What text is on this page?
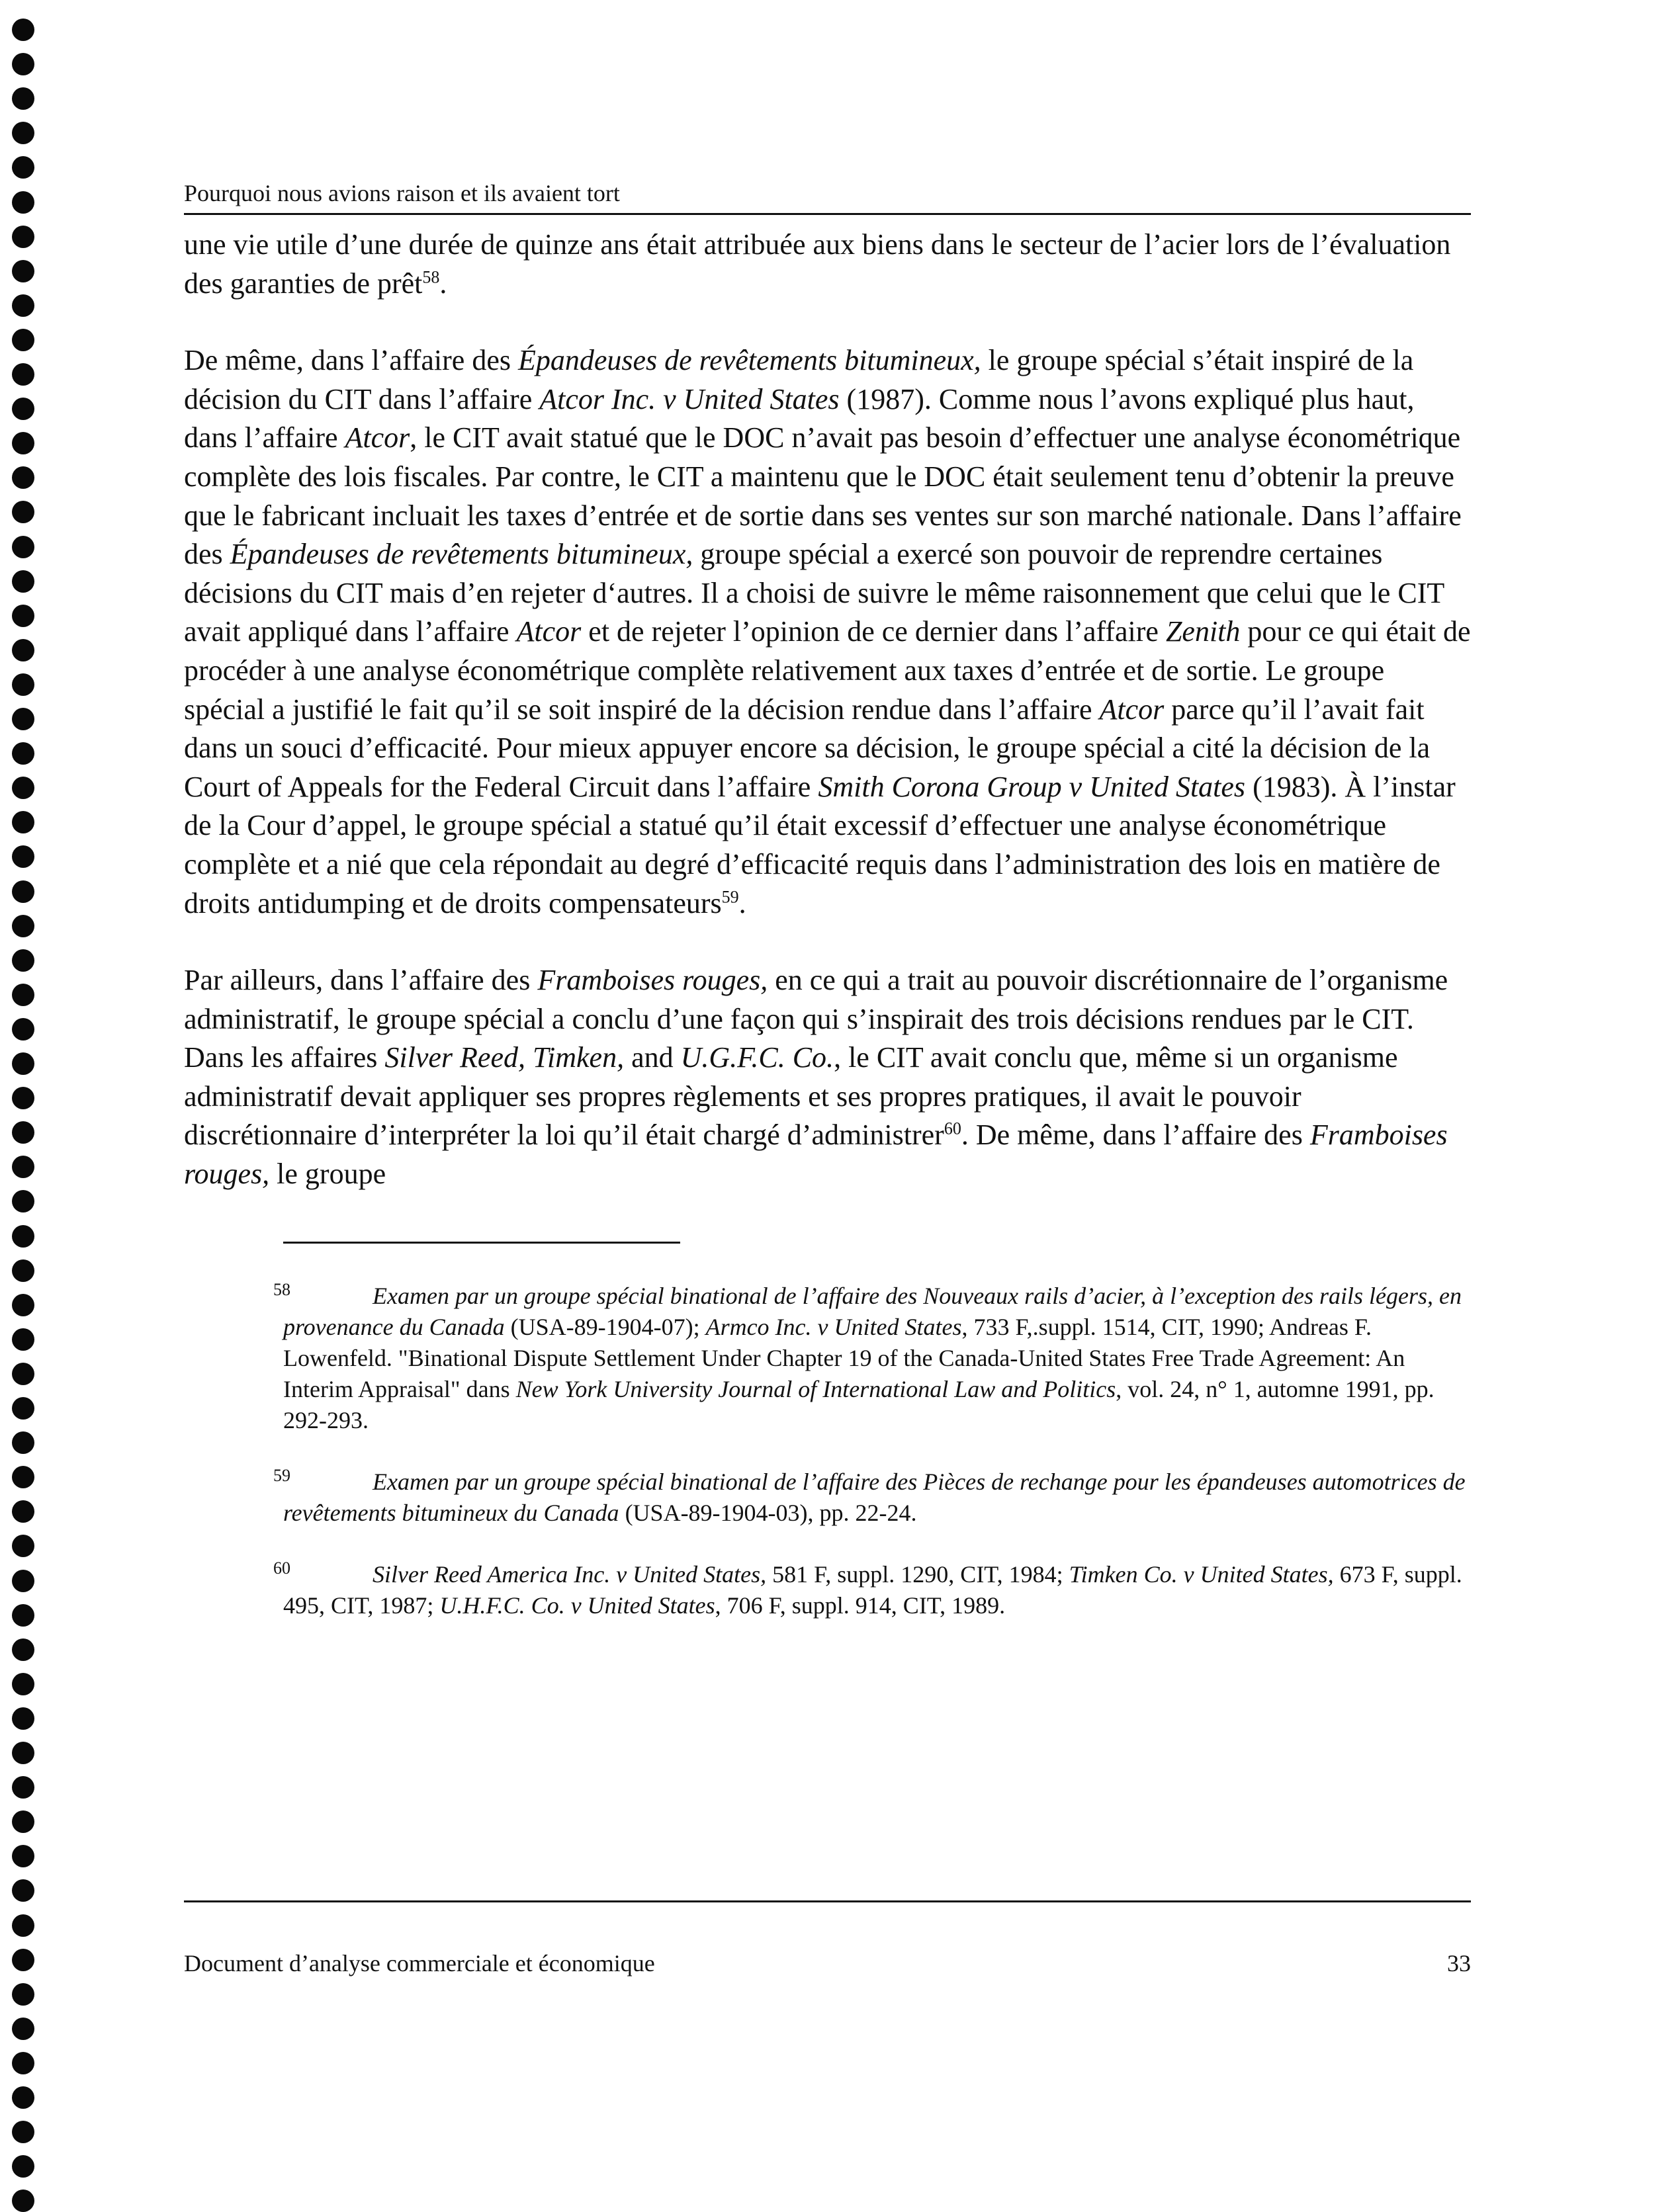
Pourquoi nous avions raison et ils avaient tort

une vie utile d’une durée de quinze ans était attribuée aux biens dans le secteur de l’acier lors de l’évaluation des garanties de prêt$^{58}$.

De même, dans l’affaire des Épandeuses de revêtements bitumineux, le groupe spécial s’était inspiré de la décision du CIT dans l’affaire Atcor Inc. v United States (1987). Comme nous l’avons expliqué plus haut, dans l’affaire Atcor, le CIT avait statué que le DOC n’avait pas besoin d’effectuer une analyse économétrique complète des lois fiscales. Par contre, le CIT a maintenu que le DOC était seulement tenu d’obtenir la preuve que le fabricant incluait les taxes d’entrée et de sortie dans ses ventes sur son marché nationale. Dans l’affaire des Épandeuses de revêtements bitumineux, groupe spécial a exercé son pouvoir de reprendre certaines décisions du CIT mais d’en rejeter d‘autres. Il a choisi de suivre le même raisonnement que celui que le CIT avait appliqué dans l’affaire Atcor et de rejeter l’opinion de ce dernier dans l’affaire Zenith pour ce qui était de procéder à une analyse économétrique complète relativement aux taxes d’entrée et de sortie. Le groupe spécial a justifié le fait qu’il se soit inspiré de la décision rendue dans l’affaire Atcor parce qu’il l’avait fait dans un souci d’efficacité. Pour mieux appuyer encore sa décision, le groupe spécial a cité la décision de la Court of Appeals for the Federal Circuit dans l’affaire Smith Corona Group v United States (1983). À l’instar de la Cour d’appel, le groupe spécial a statué qu’il était excessif d’effectuer une analyse économétrique complète et a nié que cela répondait au degré d’efficacité requis dans l’administration des lois en matière de droits antidumping et de droits compensateurs$^{59}$.

Par ailleurs, dans l’affaire des Framboises rouges, en ce qui a trait au pouvoir discrétionnaire de l’organisme administratif, le groupe spécial a conclu d’une façon qui s’inspirait des trois décisions rendues par le CIT. Dans les affaires Silver Reed, Timken, and U.G.F.C. Co., le CIT avait conclu que, même si un organisme administratif devait appliquer ses propres règlements et ses propres pratiques, il avait le pouvoir discrétionnaire d’interpréter la loi qu’il était chargé d’administrer$^{60}$. De même, dans l’affaire des Framboises rouges, le groupe

58	Examen par un groupe spécial binational de l’affaire des Nouveaux rails d’acier, à l’exception des rails légers, en provenance du Canada (USA-89-1904-07); Armco Inc. v United States, 733 F,.suppl. 1514, CIT, 1990; Andreas F. Lowenfeld. "Binational Dispute Settlement Under Chapter 19 of the Canada-United States Free Trade Agreement: An Interim Appraisal" dans New York University Journal of International Law and Politics, vol. 24, n° 1, automne 1991, pp. 292-293.

59	Examen par un groupe spécial binational de l’affaire des Pièces de rechange pour les épandeuses automotrices de revêtements bitumineux du Canada (USA-89-1904-03), pp. 22-24.

60	Silver Reed America Inc. v United States, 581 F, suppl. 1290, CIT, 1984; Timken Co. v United States, 673 F, suppl. 495, CIT, 1987; U.H.F.C. Co. v United States, 706 F, suppl. 914, CIT, 1989.

Document d’analyse commerciale et économique	33
